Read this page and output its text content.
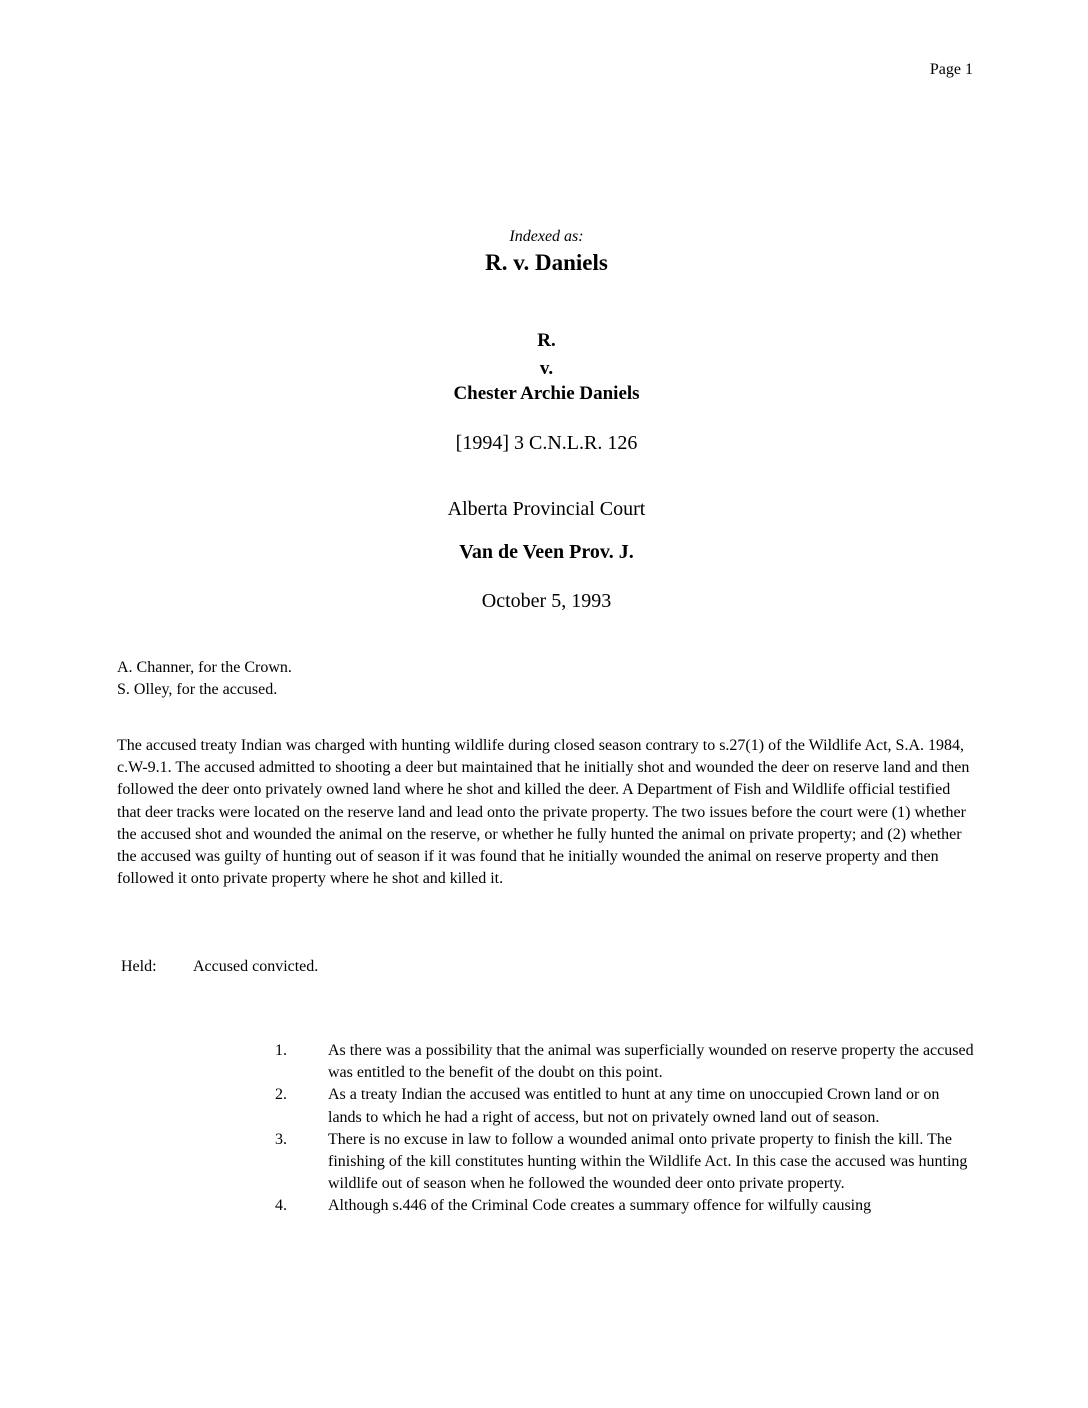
Page 1
Indexed as:
R. v. Daniels
R.
v.
Chester Archie Daniels
[1994] 3 C.N.L.R. 126
Alberta Provincial Court
Van de Veen Prov. J.
October 5, 1993
A. Channer, for the Crown.
S. Olley, for the accused.
The accused treaty Indian was charged with hunting wildlife during closed season contrary to s.27(1) of the Wildlife Act, S.A. 1984, c.W-9.1. The accused admitted to shooting a deer but maintained that he initially shot and wounded the deer on reserve land and then followed the deer onto privately owned land where he shot and killed the deer. A Department of Fish and Wildlife official testified that deer tracks were located on the reserve land and lead onto the private property. The two issues before the court were (1) whether the accused shot and wounded the animal on the reserve, or whether he fully hunted the animal on private property; and (2) whether the accused was guilty of hunting out of season if it was found that he initially wounded the animal on reserve property and then followed it onto private property where he shot and killed it.
Held: Accused convicted.
1.	As there was a possibility that the animal was superficially wounded on reserve property the accused was entitled to the benefit of the doubt on this point.
2.	As a treaty Indian the accused was entitled to hunt at any time on unoccupied Crown land or on lands to which he had a right of access, but not on privately owned land out of season.
3.	There is no excuse in law to follow a wounded animal onto private property to finish the kill. The finishing of the kill constitutes hunting within the Wildlife Act. In this case the accused was hunting wildlife out of season when he followed the wounded deer onto private property.
4.	Although s.446 of the Criminal Code creates a summary offence for wilfully causing
